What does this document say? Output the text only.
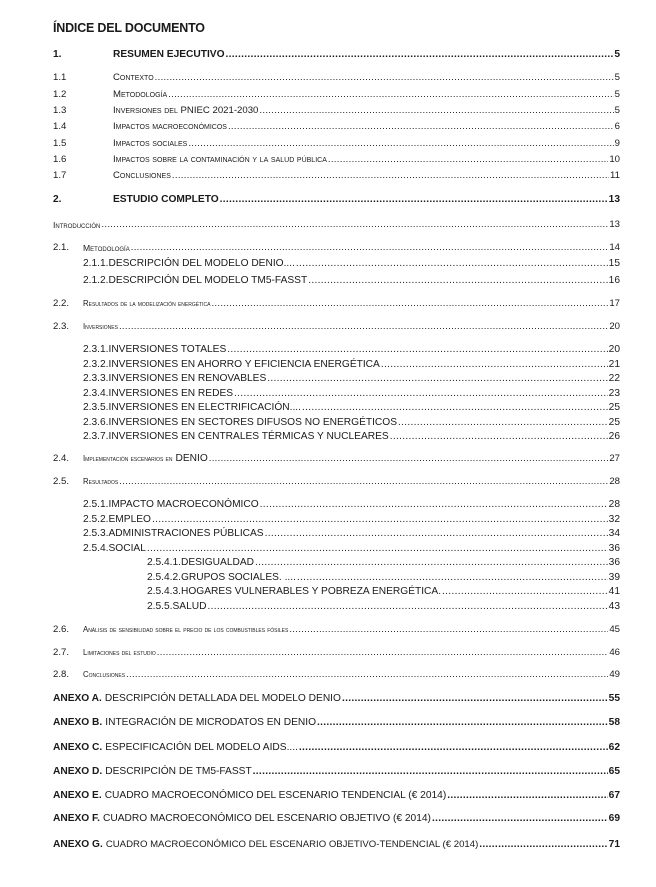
ÍNDICE DEL DOCUMENTO
1.	RESUMEN EJECUTIVO .....	5
1.1	Contexto .....	5
1.2	Metodología .....	5
1.3	Inversiones del PNIEC 2021-2030 .....	5
1.4	Impactos macroeconómicos .....	6
1.5	Impactos sociales .....	9
1.6	Impactos sobre la contaminación y la salud pública .....	10
1.7	Conclusiones .....	11
2.	ESTUDIO COMPLETO .....	13
Introducción .....	13
2.1.	Metodología .....	14
2.1.1.DESCRIPCIÓN DEL MODELO DENIO.... .....	15
2.1.2.DESCRIPCIÓN DEL MODELO TM5-FASST .....	16
2.2.	Resultados de la modelización energética .....	17
2.3.	Inversiones .....	20
2.3.1.INVERSIONES TOTALES .....	20
2.3.2.INVERSIONES EN AHORRO Y EFICIENCIA ENERGÉTICA .....	21
2.3.3.INVERSIONES EN RENOVABLES .....	22
2.3.4.INVERSIONES EN REDES .....	23
2.3.5.INVERSIONES EN ELECTRIFICACIÓN.... .....	25
2.3.6.INVERSIONES EN SECTORES DIFUSOS NO ENERGÉTICOS .....	25
2.3.7.INVERSIONES EN CENTRALES TÉRMICAS Y NUCLEARES .....	26
2.4.	Implementación escenarios en DENIO .....	27
2.5.	Resultados .....	28
2.5.1.IMPACTO MACROECONÓMICO .....	28
2.5.2.EMPLEO .....	32
2.5.3.ADMINISTRACIONES PÚBLICAS .....	34
2.5.4.SOCIAL .....	36
2.5.4.1.DESIGUALDAD .....	36
2.5.4.2.GRUPOS SOCIALES. .... .....	39
2.5.4.3.HOGARES VULNERABLES Y POBREZA ENERGÉTICA. .....	41
2.5.5.SALUD .....	43
2.6.	Análisis de sensibilidad sobre el precio de los combustibles fósiles .....	45
2.7.	Limitaciones del estudio .....	46
2.8.	Conclusiones .....	49
ANEXO A. DESCRIPCIÓN DETALLADA DEL MODELO DENIO .....	55
ANEXO B. INTEGRACIÓN DE MICRODATOS EN DENIO .....	58
ANEXO C. ESPECIFICACIÓN DEL MODELO AIDS.... .....	62
ANEXO D. DESCRIPCIÓN DE TM5-FASST .....	65
ANEXO E. CUADRO MACROECONÓMICO DEL ESCENARIO TENDENCIAL (€ 2014) .....	67
ANEXO F. CUADRO MACROECONÓMICO DEL ESCENARIO OBJETIVO (€ 2014) .....	69
ANEXO G. CUADRO MACROECONÓMICO DEL ESCENARIO OBJETIVO-TENDENCIAL (€ 2014) .....	71
